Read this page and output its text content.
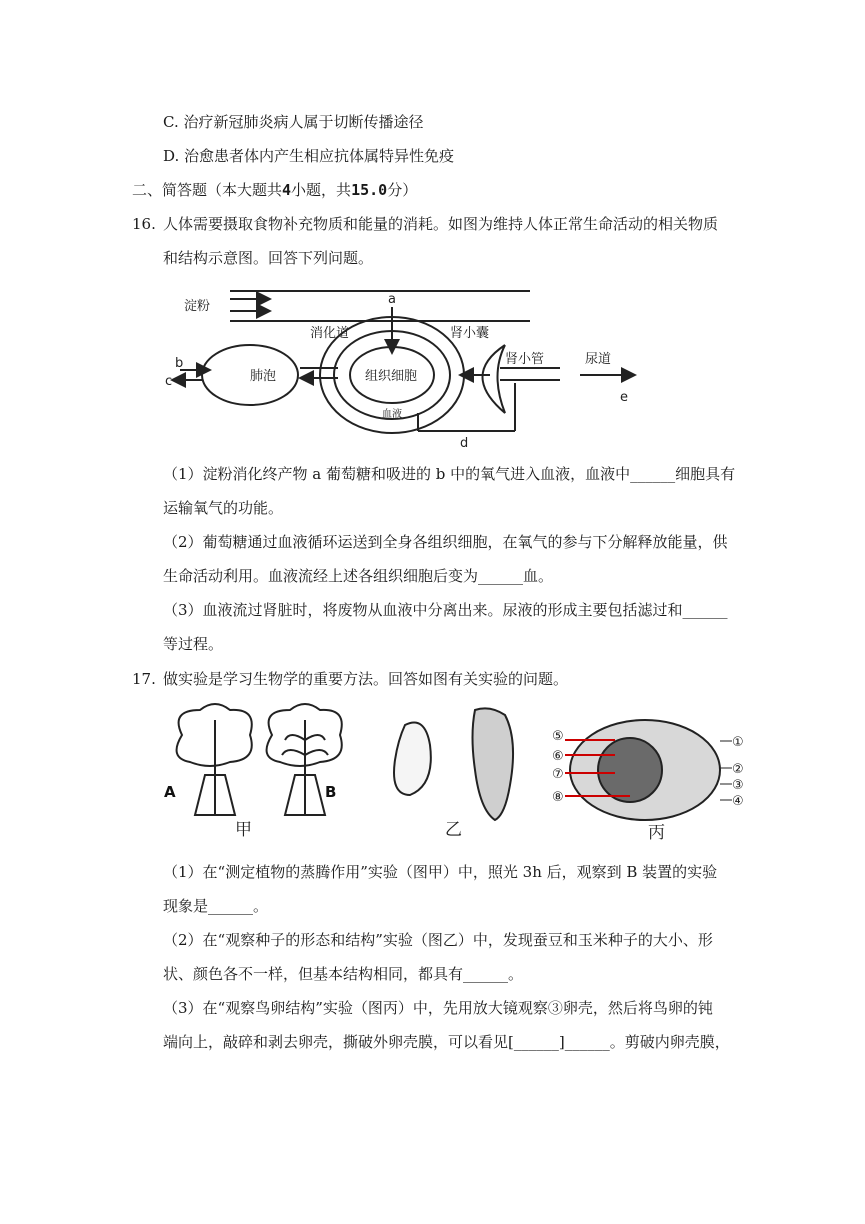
C. 治疗新冠肺炎病人属于切断传播途径
D. 治愈患者体内产生相应抗体属特异性免疫
二、简答题（本大题共4小题，共15.0分）
16. 人体需要摄取食物补充物质和能量的消耗。如图为维持人体正常生命活动的相关物质
和结构示意图。回答下列问题。
淀粉	a
消化道	肾小囊
b
c	肺泡	组织细胞
肾小管	尿道
血液
e
d
（1）淀粉消化终产物 a 葡萄糖和吸进的 b 中的氧气进入血液，血液中______细胞具有
运输氧气的功能。
（2）葡萄糖通过血液循环运送到全身各组织细胞，在氧气的参与下分解释放能量，供
生命活动利用。血液流经上述各组织细胞后变为______血。
（3）血液流过肾脏时，将废物从血液中分离出来。尿液的形成主要包括滤过和______
等过程。
17. 做实验是学习生物学的重要方法。回答如图有关实验的问题。
A	B
甲	乙
⑤
⑥
⑦
⑧
①
②
③
④
丙
（1）在“测定植物的蒸腾作用”实验（图甲）中，照光 3h 后，观察到 B 装置的实验
现象是______。
（2）在“观察种子的形态和结构”实验（图乙）中，发现蚕豆和玉米种子的大小、形
状、颜色各不一样，但基本结构相同，都具有______。
（3）在“观察鸟卵结构”实验（图丙）中，先用放大镜观察③卵壳，然后将鸟卵的钝
端向上，敲碎和剥去卵壳，撕破外卵壳膜，可以看见[______]______。剪破内卵壳膜，
